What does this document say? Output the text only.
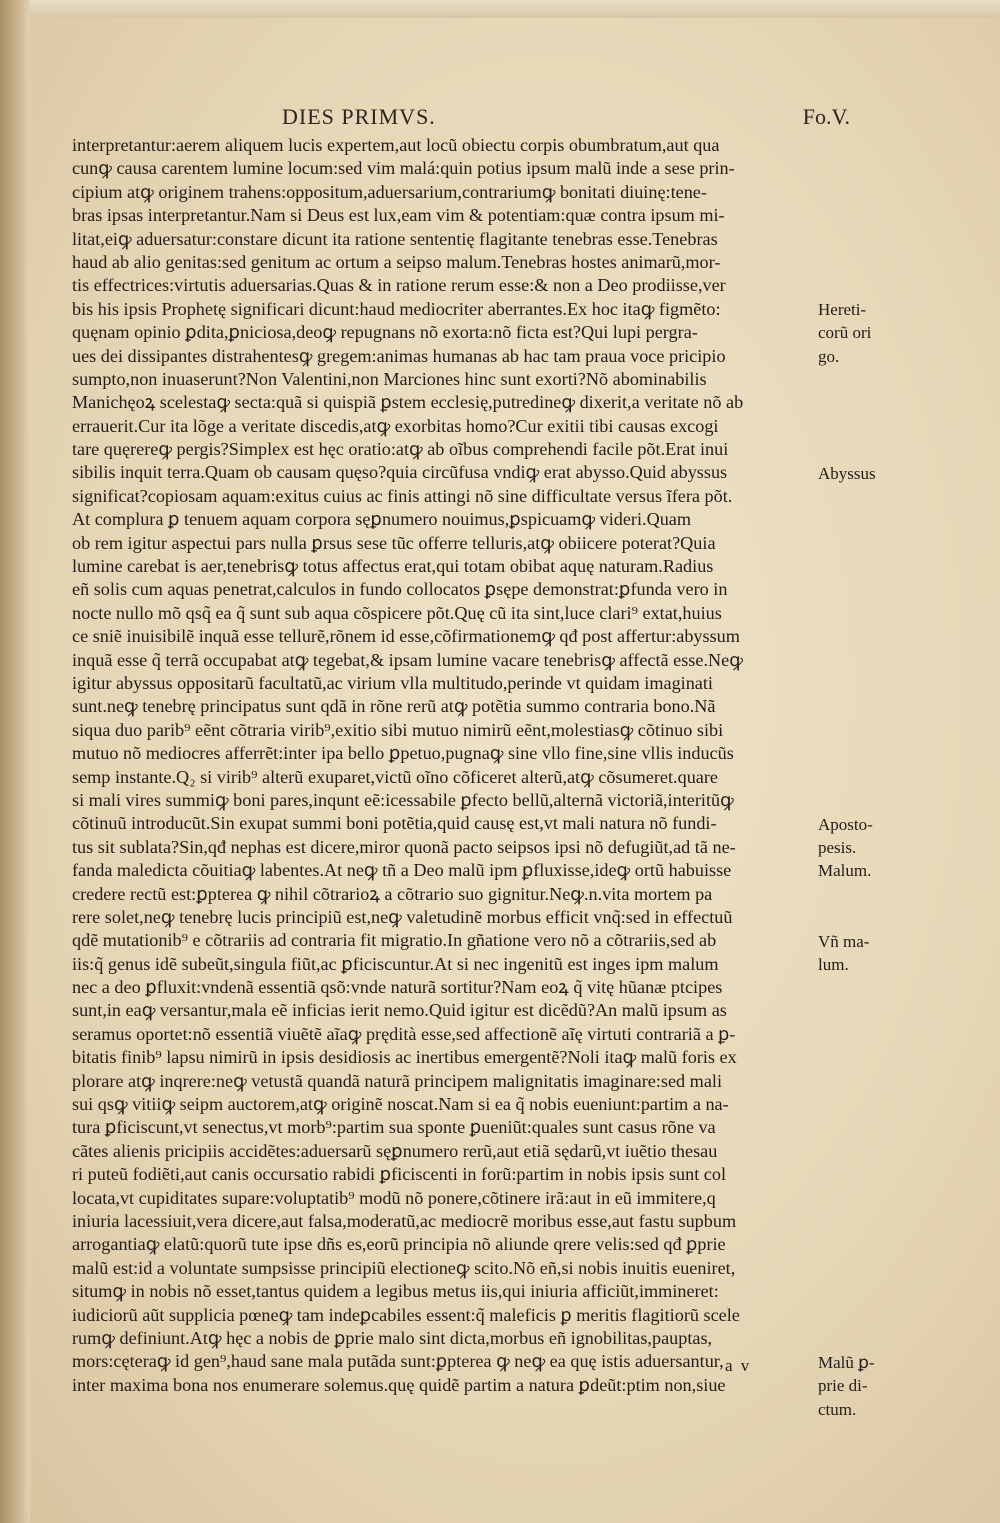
DIES PRIMVS.	Fo.V.
interpretantur:aerem aliquem lucis expertem,aut locũ obiectu corpis obumbratum,aut qua
cunꝙ causa carentem lumine locum:sed vim malá:quin potius ipsum malũ inde a sese prin-
cipium atꝙ originem trahens:oppositum,aduersarium,contrariumꝙ bonitati diuinę:tene-
bras ipsas interpretantur.Nam si Deus est lux,eam vim & potentiam:quæ contra ipsum mi-
litat,eiꝙ aduersatur:constare dicunt ita ratione sententię flagitante tenebras esse.Tenebras
haud ab alio genitas:sed genitum ac ortum a seipso malum.Tenebras hostes animarũ,mor-
tis effectrices:virtutis aduersarias.Quas & in ratione rerum esse:& non a Deo prodiisse,ver
bis his ipsis Prophetę significari dicunt:haud mediocriter aberrantes.Ex hoc itaꝙ figmẽto:
quęnam opinio ꝑdita,ꝑniciosa,deoꝙ repugnans nõ exorta:nõ ficta est?Qui lupi pergra-
ues dei dissipantes distrahentesꝙ gregem:animas humanas ab hac tam praua voce pricipio
sumpto,non inuaserunt?Non Valentini,non Marciones hinc sunt exorti?Nõ abominabilis
Manichęoꝝ scelestaꝙ secta:quã si quispiã ꝑstem ecclesię,putredineꝙ dixerit,a veritate nõ ab
errauerit.Cur ita lõge a veritate discedis,atꝙ exorbitas homo?Cur exitii tibi causas excogi
tare quęrereꝙ pergis?Simplex est hęc oratio:atꝙ ab oĩbus comprehendi facile põt.Erat inui
sibilis inquit terra.Quam ob causam quęso?quia circũfusa vndiꝙ erat abysso.Quid abyssus
significat?copiosam aquam:exitus cuius ac finis attingi nõ sine difficultate versus ĩfera põt.
At complura ꝑ tenuem aquam corpora sęꝑnumero nouimus,ꝑspicuamꝙ videri.Quam
ob rem igitur aspectui pars nulla ꝑrsus sese tũc offerre telluris,atꝙ obiicere poterat?Quia
lumine carebat is aer,tenebrisꝙ totus affectus erat,qui totam obibat aquę naturam.Radius
eñ solis cum aquas penetrat,calculos in fundo collocatos ꝑsępe demonstrat:ꝑfunda vero in
nocte nullo mõ qsq̃ ea q̃ sunt sub aqua cõspicere põt.Quę cũ ita sint,luce clari⁹ extat,huius
ce sniẽ inuisibilẽ inquã esse tellurẽ,rõnem id esse,cõfirmationemꝙ qđ post affertur:abyssum
inquã esse q̃ terrã occupabat atꝙ tegebat,& ipsam lumine vacare tenebrisꝙ affectã esse.Neꝙ
igitur abyssus oppositarũ facultatũ,ac virium vlla multitudo,perinde vt quidam imaginati
sunt.neꝙ tenebrę principatus sunt qdã in rõne rerũ atꝙ potẽtia summo contraria bono.Nã
siqua duo parib⁹ eẽnt cõtraria virib⁹,exitio sibi mutuo nimirũ eẽnt,molestiasꝙ cõtinuo sibi
mutuo nõ mediocres afferrẽt:inter ipa bello ꝑpetuo,pugnaꝙ sine vllo fine,sine vllis inducũs
semp instante.Q₂ si virib⁹ alterũ exuparet,victũ oĩno cõficeret alterũ,atꝙ cõsumeret.quare
si mali vires summiꝙ boni pares,inqunt eẽ:icessabile ꝑfecto bellũ,alternã victoriã,interitũꝙ
cõtinuũ introducũt.Sin exupat summi boni potẽtia,quid causę est,vt mali natura nõ fundi-
tus sit sublata?Sin,qđ nephas est dicere,miror quonã pacto seipsos ipsi nõ defugiũt,ad tã ne-
fanda maledicta cõuitiaꝙ labentes.At neꝙ tñ a Deo malũ ipm ꝑfluxisse,ideꝙ ortũ habuisse
credere rectũ est:ꝑpterea ꝙ nihil cõtrarioꝝ a cõtrario suo gignitur.Neꝙ.n.vita mortem pa
rere solet,neꝙ tenebrę lucis principiũ est,neꝙ valetudinẽ morbus efficit vnq̃:sed in effectuũ
qdẽ mutationib⁹ e cõtrariis ad contraria fit migratio.In gñatione vero nõ a cõtrariis,sed ab
iis:q̃ genus idẽ subeũt,singula fiũt,ac ꝑficiscuntur.At si nec ingenitũ est inges ipm malum
nec a deo ꝑfluxit:vndenã essentiã qsõ:vnde naturã sortitur?Nam eoꝝ q̃ vitę hũanæ ptcipes
sunt,in eaꝙ versantur,mala eẽ inficias ierit nemo.Quid igitur est dicẽdũ?An malũ ipsum as
seramus oportet:nõ essentiã viuẽtẽ aĩaꝙ prędità esse,sed affectionẽ aĩę virtuti contrariã a ꝑ-
bitatis finib⁹ lapsu nimirũ in ipsis desidiosis ac inertibus emergentẽ?Noli itaꝙ malũ foris ex
plorare atꝙ inqrere:neꝙ vetustã quandã naturã principem malignitatis imaginare:sed mali
sui qsꝙ vitiiꝙ seipm auctorem,atꝙ originẽ noscat.Nam si ea q̃ nobis eueniunt:partim a na-
tura ꝑficiscunt,vt senectus,vt morb⁹:partim sua sponte ꝑueniũt:quales sunt casus rõne va
cãtes alienis pricipiis accidẽtes:aduersarũ sęꝑnumero rerũ,aut etiã sędarũ,vt iuẽtio thesau
ri puteũ fodiẽti,aut canis occursatio rabidi ꝑficiscenti in forũ:partim in nobis ipsis sunt col
locata,vt cupiditates supare:voluptatib⁹ modũ nõ ponere,cõtinere irã:aut in eũ immitere,q
iniuria lacessiuit,vera dicere,aut falsa,moderatũ,ac mediocrẽ moribus esse,aut fastu supbum
arrogantiaꝙ elatũ:quorũ tute ipse dñs es,eorũ principia nõ aliunde qrere velis:sed qđ ꝑprie
malũ est:id a voluntate sumpsisse principiũ electioneꝙ scito.Nõ eñ,si nobis inuitis eueniret,
situmꝙ in nobis nõ esset,tantus quidem a legibus metus iis,qui iniuria afficiũt,immineret:
iudiciorũ aũt supplicia pœneꝙ tam indeꝑcabiles essent:q̃ maleficis ꝑ meritis flagitiorũ scele
rumꝙ definiunt.Atꝙ hęc a nobis de ꝑprie malo sint dicta,morbus eñ ignobilitas,pauptas,
mors:cęteraꝙ id gen⁹,haud sane mala putãda sunt:ꝑpterea ꝙ neꝙ ea quę istis aduersantur,
inter maxima bona nos enumerare solemus.quę quidẽ partim a natura ꝑdeũt:ptim non,siue
Hereti-
corũ ori
go.
Abyssus
Aposto-
pesis.
Malum.
Vñ ma-
lum.
Malũ ꝑ-
prie di-
ctum.
a v
